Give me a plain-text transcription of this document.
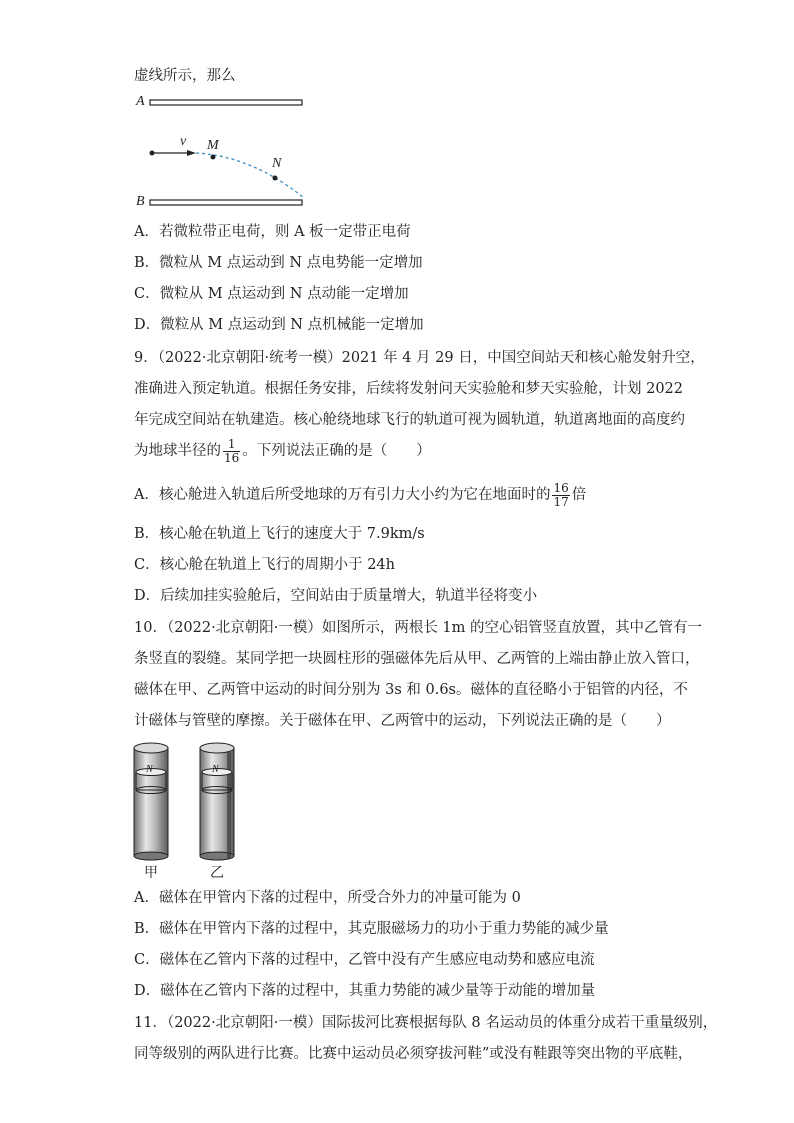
虚线所示，那么
A
B
v M
N
A．若微粒带正电荷，则 A 板一定带正电荷
B．微粒从 M 点运动到 N 点电势能一定增加
C．微粒从 M 点运动到 N 点动能一定增加
D．微粒从 M 点运动到 N 点机械能一定增加
9．（2022·北京朝阳·统考一模）2021 年 4 月 29 日，中国空间站天和核心舱发射升空，
准确进入预定轨道。根据任务安排，后续将发射问天实验舱和梦天实验舱，计划 2022
年完成空间站在轨建造。核心舱绕地球飞行的轨道可视为圆轨道，轨道离地面的高度约
为地球半径的 $\frac{1}{16}$ 。下列说法正确的是（　　）
A．核心舱进入轨道后所受地球的万有引力大小约为它在地面时的 $\frac{16}{17}$ 倍
B．核心舱在轨道上飞行的速度大于 7.9km/s
C．核心舱在轨道上飞行的周期小于 24h
D．后续加挂实验舱后，空间站由于质量增大，轨道半径将变小
10．（2022·北京朝阳·一模）如图所示，两根长 1m 的空心铝管竖直放置，其中乙管有一
条竖直的裂缝。某同学把一块圆柱形的强磁体先后从甲、乙两管的上端由静止放入管口，
磁体在甲、乙两管中运动的时间分别为 3s 和 0.6s。磁体的直径略小于铝管的内径，不
计磁体与管壁的摩擦。关于磁体在甲、乙两管中的运动，下列说法正确的是（　　）
N	N
甲	乙
A．磁体在甲管内下落的过程中，所受合外力的冲量可能为 0
B．磁体在甲管内下落的过程中，其克服磁场力的功小于重力势能的减少量
C．磁体在乙管内下落的过程中，乙管中没有产生感应电动势和感应电流
D．磁体在乙管内下落的过程中，其重力势能的减少量等于动能的增加量
11．（2022·北京朝阳·一模）国际拔河比赛根据每队 8 名运动员的体重分成若干重量级别，
同等级别的两队进行比赛。比赛中运动员必须穿拔河鞋”或没有鞋跟等突出物的平底鞋，
